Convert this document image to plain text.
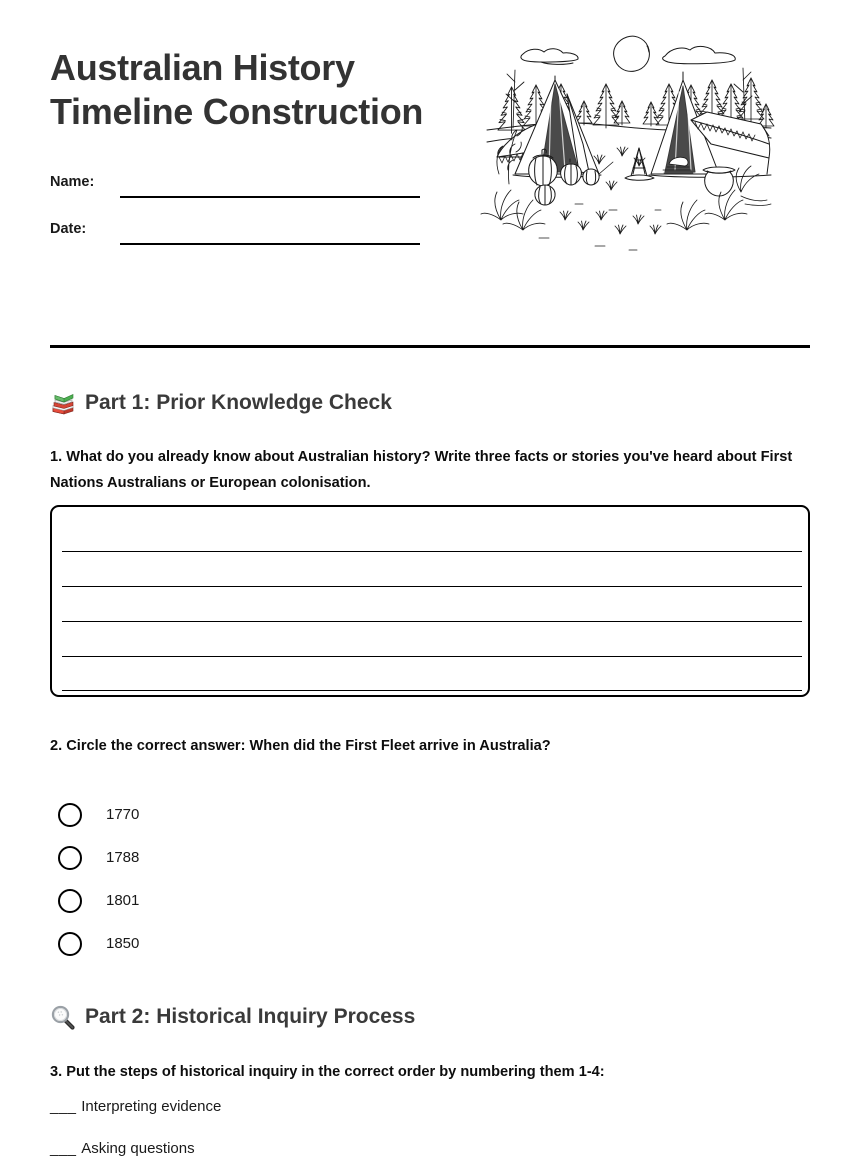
Australian History
Timeline Construction
Name:
Date:
Part 1: Prior Knowledge Check
1. What do you already know about Australian history? Write three facts or stories you've heard about First Nations Australians or European colonisation.
2. Circle the correct answer: When did the First Fleet arrive in Australia?
1770
1788
1801
1850
Part 2: Historical Inquiry Process
3. Put the steps of historical inquiry in the correct order by numbering them 1-4:
___ Interpreting evidence
___ Asking questions
